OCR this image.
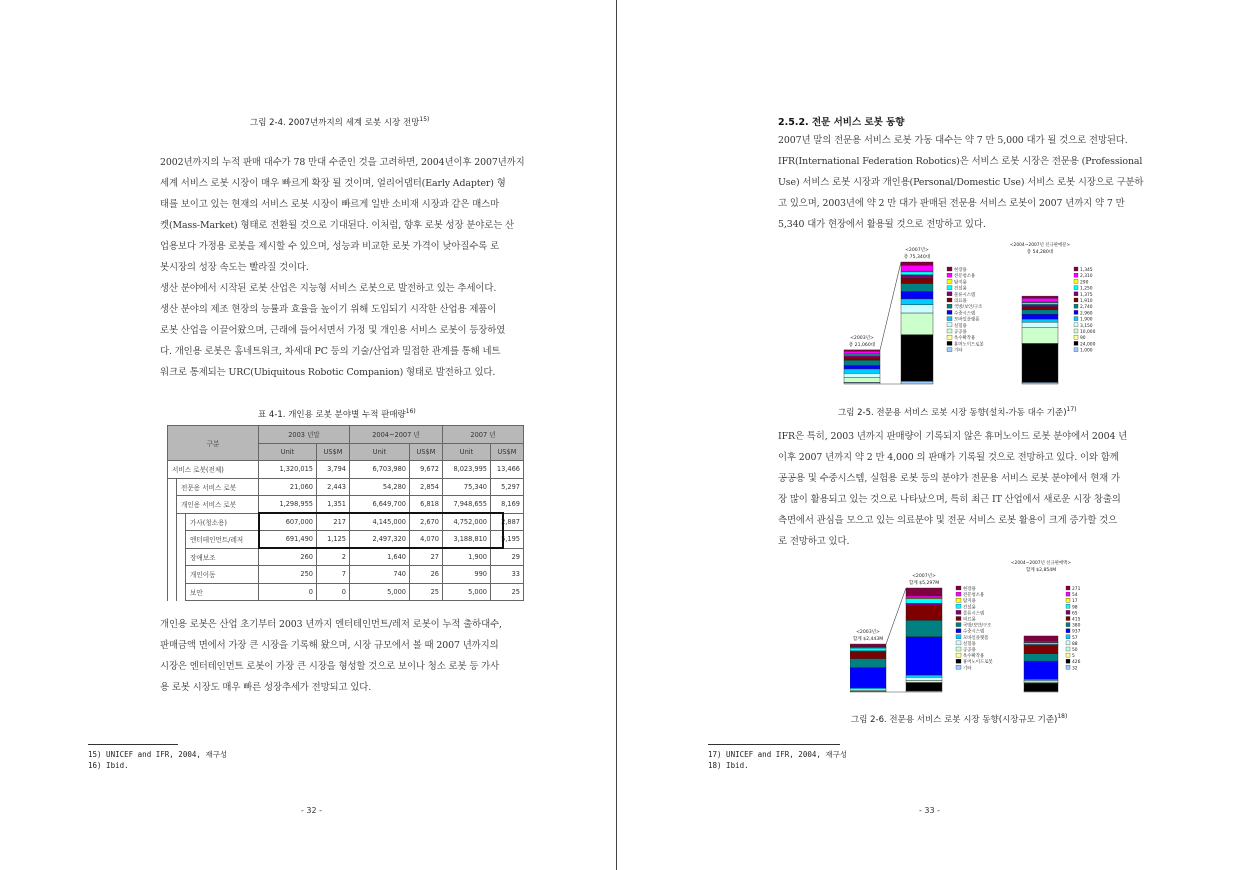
그림 2-4. 2007년까지의 세계 로봇 시장 전망$^{15)}$

2002년까지의 누적 판매 대수가 78 만대 수준인 것을 고려하면, 2004년이후 2007년까지

세계 서비스 로봇 시장이 매우 빠르게 확장 될 것이며, 얼리어댑터(Early Adapter) 형

태를 보이고 있는 현재의 서비스 로봇 시장이 빠르게 일반 소비재 시장과 같은 매스마

켓(Mass-Market) 형태로 전환될 것으로 기대된다. 이처럼, 향후 로봇 성장 분야로는 산

업용보다 가정용 로봇을 제시할 수 있으며, 성능과 비교한 로봇 가격이 낮아질수록 로

봇시장의 성장 속도는 빨라질 것이다.

생산 분야에서 시작된 로봇 산업은 지능형 서비스 로봇으로 발전하고 있는 추세이다.

생산 분야의 제조 현장의 능률과 효율을 높이기 위해 도입되기 시작한 산업용 제품이

로봇 산업을 이끌어왔으며, 근래에 들어서면서 가정 및 개인용 서비스 로봇이 등장하였

다. 개인용 로봇은 홈네트워크, 차세대 PC 등의 기술/산업과 밀접한 관계를 통해 네트

워크로 통제되는 URC(Ubiquitous Robotic Companion) 형태로 발전하고 있다.

표 4-1. 개인용 로봇 분야별 누적 판매량$^{16)}$
구분			2003 년말		2004~2007 년		2007 년	
			Unit	US$M	Unit	US$M	Unit	US$M
서비스 로봇(전체)			1,320,015	3,794	6,703,980	9,672	8,023,995	13,466
	전문용 서비스 로봇		21,060	2,443	54,280	2,854	75,340	5,297
	개인용 서비스 로봇		1,298,955	1,351	6,649,700	6,818	7,948,655	8,169
		가사(청소용)	607,000	217	4,145,000	2,670	4,752,000	2,887
		엔터테인먼트/레저	691,490	1,125	2,497,320	4,070	3,188,810	5,195
		장애보조	260	2	1,640	27	1,900	29
		개인이동	250	7	740	26	990	33
		보안	0	0	5,000	25	5,000	25

개인용 로봇은 산업 초기부터 2003 년까지 엔터테인먼트/레저 로봇이 누적 출하대수,

판매금액 면에서 가장 큰 시장을 기록해 왔으며, 시장 규모에서 볼 때 2007 년까지의

시장은 엔터테인먼트 로봇이 가장 큰 시장을 형성할 것으로 보이나 청소 로봇 등 가사

용 로봇 시장도 매우 빠른 성장추세가 전망되고 있다.

15) UNICEF and IFR, 2004, 재구성
16) Ibid.
- 32 -
2.5.2. 전문 서비스 로봇 동향

2007년 말의 전문용 서비스 로봇 가동 대수는 약 7 만 5,000 대가 될 것으로 전망된다.

IFR(International Federation Robotics)은 서비스 로봇 시장은 전문용 (Professional

Use) 서비스 로봇 시장과 개인용(Personal/Domestic Use) 서비스 로봇 시장으로 구분하

고 있으며, 2003년에 약 2 만 대가 판매된 전문용 서비스 로봇이 2007 년까지 약 7 만

5,340 대가 현장에서 활용될 것으로 전망하고 있다.

<2003년>
총 21,060대
<2007년>
총 75,340대
<2004~2007년 신규판매분>
총 54,280대
현장용
전문청소용
탐지용
건설용
물류시스템
의료용
국방/보안/구조
수중시스템
모바일플랫폼
실험용
공공용
옥수확작용
휴머노이드로봇
기타
1,345
2,310
290
1,250
1,375
1,910
2,740
2,960
1,900
3,150
10,000
90
24,000
1,000
그림 2-5. 전문용 서비스 로봇 시장 동향(설치-가동 대수 기준)$^{17)}$

IFR은 특히, 2003 년까지 판매량이 기록되지 않은 휴머노이드 로봇 분야에서 2004 년

이후 2007 년까지 약 2 만 4,000 의 판매가 기록될 것으로 전망하고 있다. 이와 함께

공공용 및 수중시스템, 실험용 로봇 등의 분야가 전문용 서비스 로봇 분야에서 현재 가

장 많이 활용되고 있는 것으로 나타났으며, 특히 최근 IT 산업에서 새로운 시장 창출의

측면에서 관심을 모으고 있는 의료분야 및 전문 서비스 로봇 활용이 크게 증가할 것으

로 전망하고 있다.

<2003년>
합계 $2,443M
<2007년>
합계 $5,297M
<2004~2007년 신규판매액>
합계 $2,854M
현장용
전문청소용
탐지용
건설용
물류시스템
의료용
국방/보안/구조
수중시스템
모바일플랫폼
실험용
공공용
옥수확작용
휴머노이드로봇
기타
271
54
17
98
65
415
380
937
57
88
50
5
426
32
그림 2-6. 전문용 서비스 로봇 시장 동향(시장규모 기준)$^{18)}$
17) UNICEF and IFR, 2004, 재구성
18) Ibid.
- 33 -
